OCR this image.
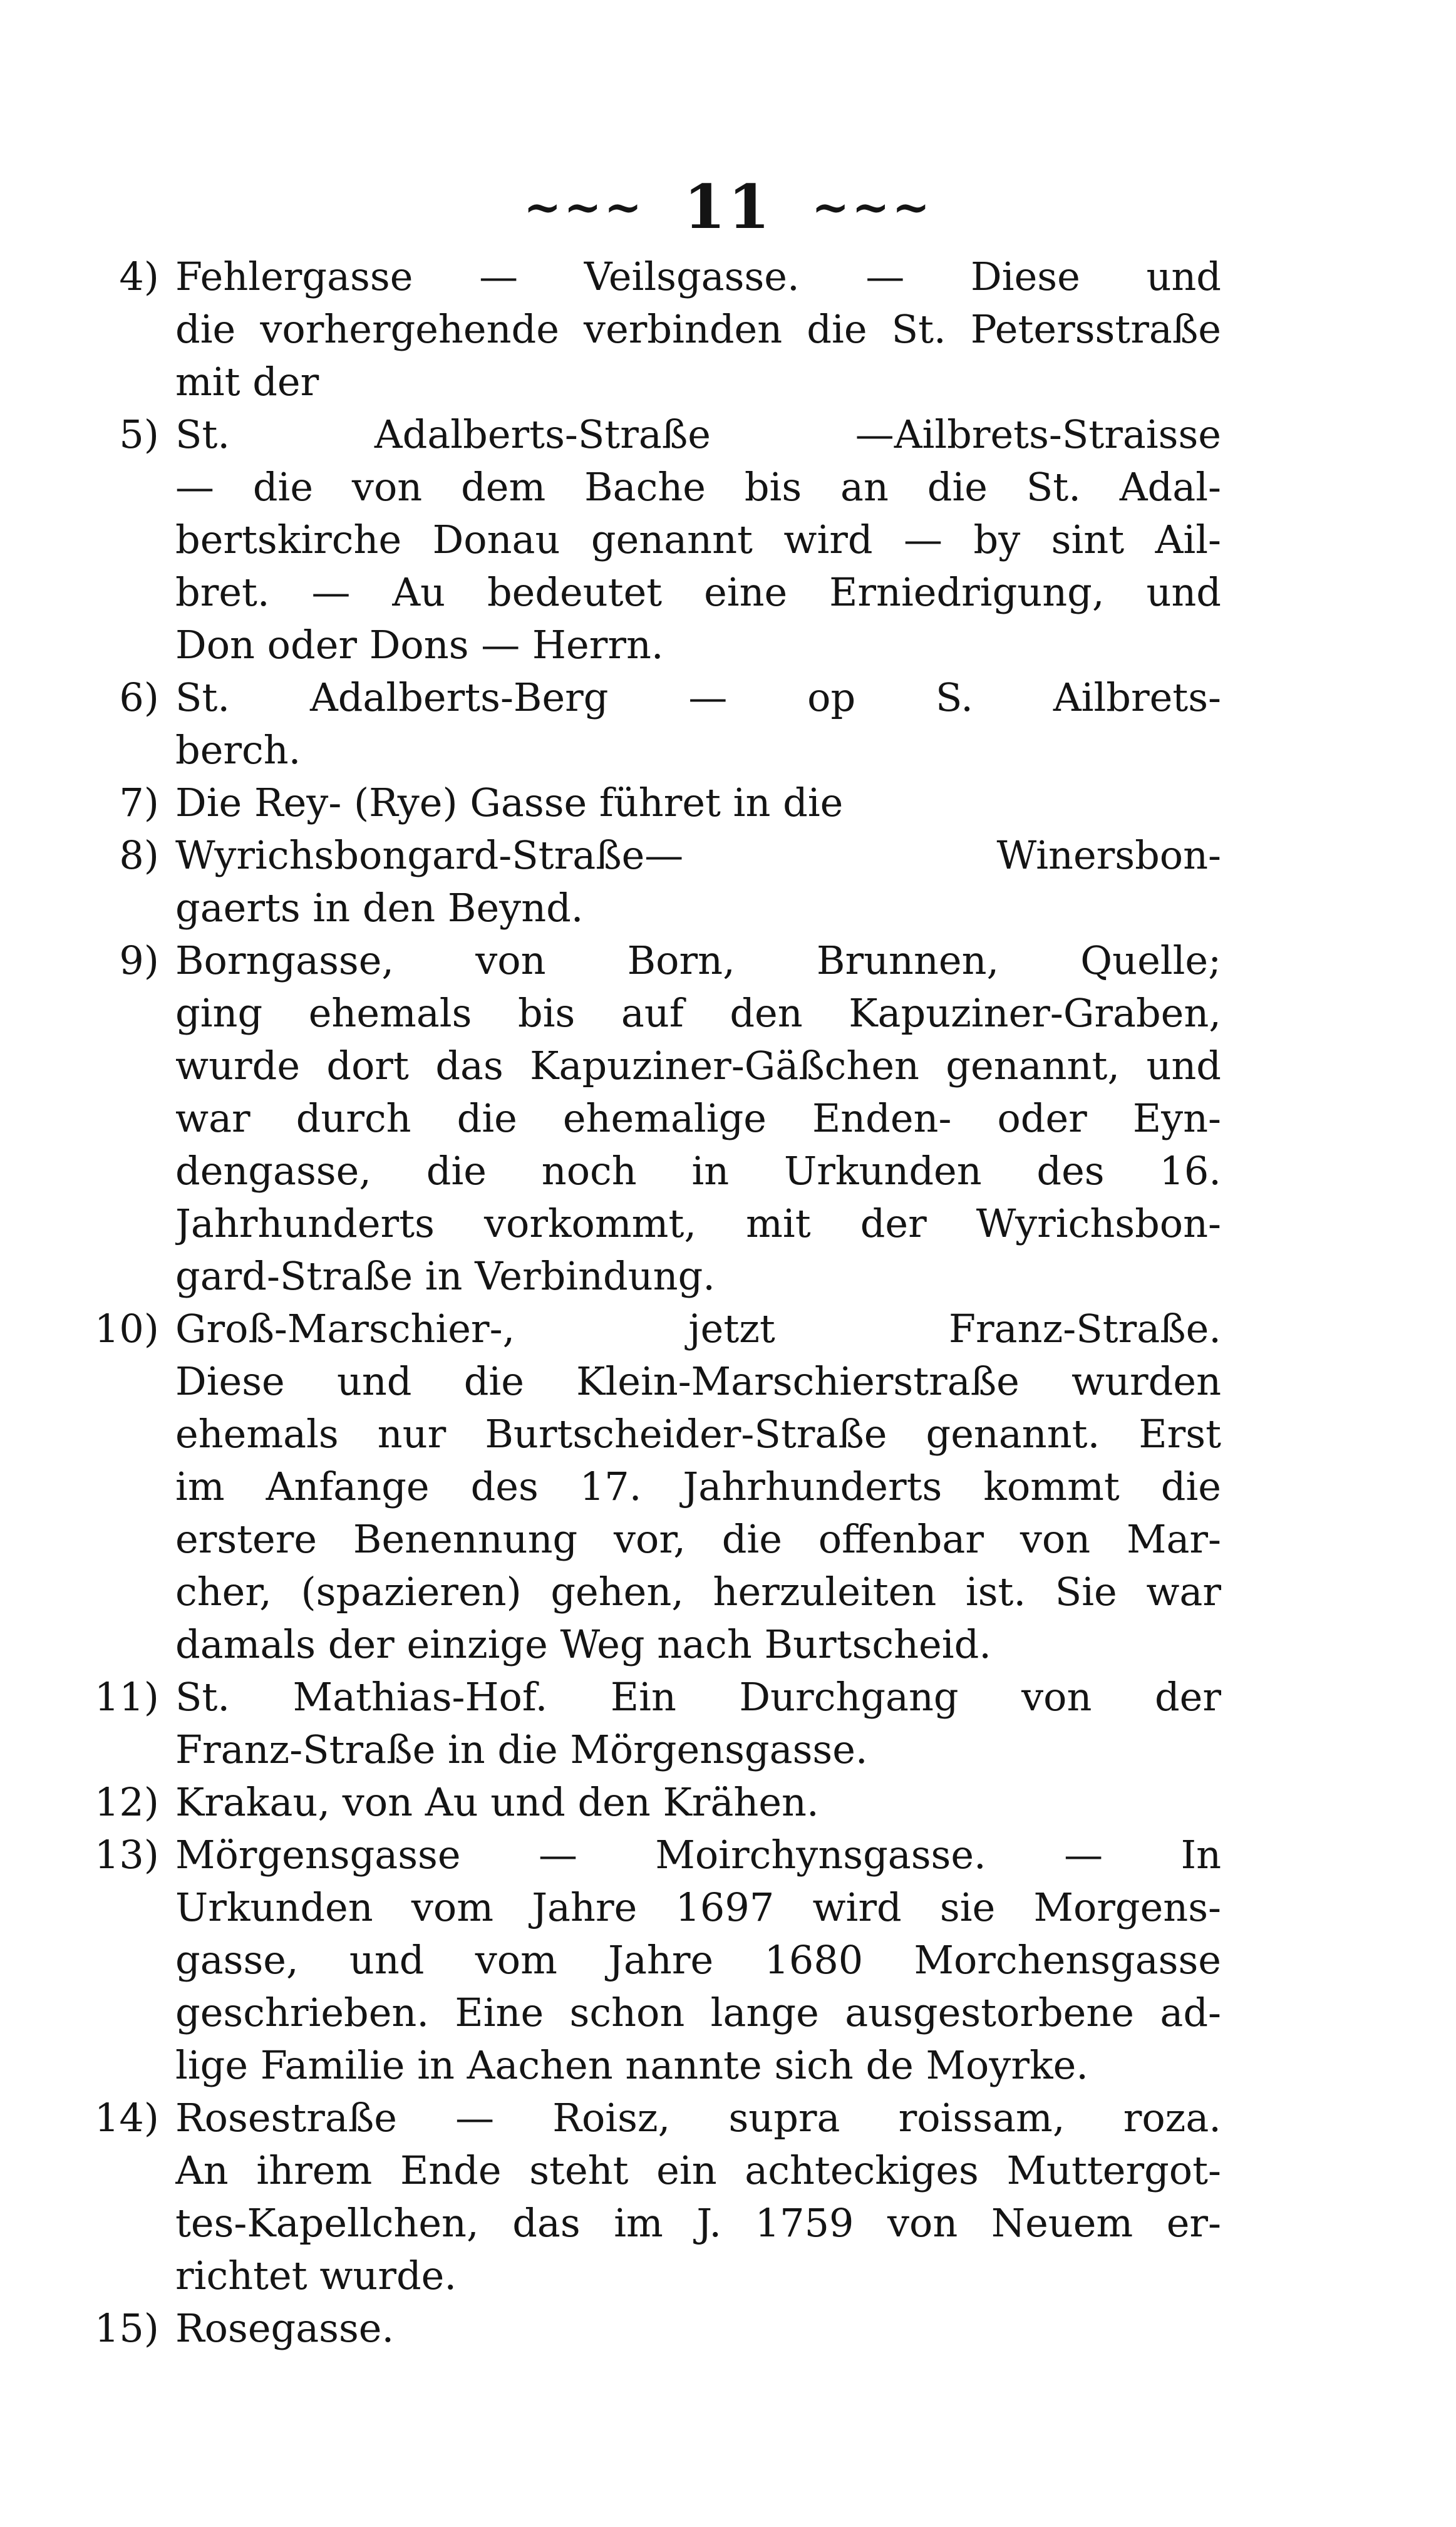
~~~ 11 ~~~
4) Fehlergasse — Veilsgasse. — Diese und
die vorhergehende verbinden die St. Petersstraße
mit der
5) St. Adalberts-Straße —Ailbrets-Straisse
— die von dem Bache bis an die St. Adal-
bertskirche Donau genannt wird — by sint Ail-
bret. — Au bedeutet eine Erniedrigung, und
Don oder Dons — Herrn.
6) St. Adalberts-Berg — op S. Ailbrets-
berch.
7) Die Rey- (Rye) Gasse führet in die
8) Wyrichsbongard-Straße— Winersbon-
gaerts in den Beynd.
9) Borngasse, von Born, Brunnen, Quelle;
ging ehemals bis auf den Kapuziner-Graben,
wurde dort das Kapuziner-Gäßchen genannt, und
war durch die ehemalige Enden- oder Eyn-
dengasse, die noch in Urkunden des 16.
Jahrhunderts vorkommt, mit der Wyrichsbon-
gard-Straße in Verbindung.
10) Groß-Marschier-, jetzt Franz-Straße.
Diese und die Klein-Marschierstraße wurden
ehemals nur Burtscheider-Straße genannt. Erst
im Anfange des 17. Jahrhunderts kommt die
erstere Benennung vor, die offenbar von Mar-
cher, (spazieren) gehen, herzuleiten ist. Sie war
damals der einzige Weg nach Burtscheid.
11) St. Mathias-Hof. Ein Durchgang von der
Franz-Straße in die Mörgensgasse.
12) Krakau, von Au und den Krähen.
13) Mörgensgasse — Moirchynsgasse. — In
Urkunden vom Jahre 1697 wird sie Morgens-
gasse, und vom Jahre 1680 Morchensgasse
geschrieben. Eine schon lange ausgestorbene ad-
lige Familie in Aachen nannte sich de Moyrke.
14) Rosestraße — Roisz, supra roissam, roza.
An ihrem Ende steht ein achteckiges Muttergot-
tes-Kapellchen, das im J. 1759 von Neuem er-
richtet wurde.
15) Rosegasse.
